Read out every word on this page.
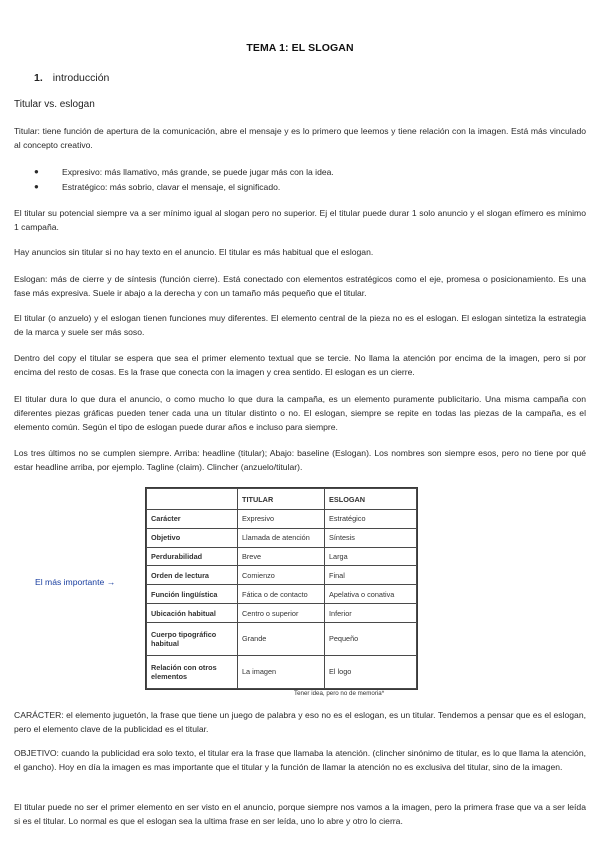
TEMA 1: EL SLOGAN
1. introducción
Titular vs. eslogan
Titular: tiene función de apertura de la comunicación, abre el mensaje y es lo primero que leemos y tiene relación con la imagen. Está más vinculado al concepto creativo.
●	Expresivo: más llamativo, más grande, se puede jugar más con la idea.
●	Estratégico: más sobrio, clavar el mensaje, el significado.
El titular su potencial siempre va a ser mínimo igual al slogan pero no superior. Ej el titular puede durar 1 solo anuncio y el slogan efímero es mínimo 1 campaña.
Hay anuncios sin titular si no hay texto en el anuncio. El titular es más habitual que el eslogan.
Eslogan: más de cierre y de síntesis (función cierre). Está conectado con elementos estratégicos como el eje, promesa o posicionamiento. Es una fase más expresiva. Suele ir abajo a la derecha y con un tamaño más pequeño que el titular.
El titular (o anzuelo) y el eslogan tienen funciones muy diferentes. El elemento central de la pieza no es el eslogan. El eslogan sintetiza la estrategia de la marca y suele ser más soso.
Dentro del copy el titular se espera que sea el primer elemento textual que se tercie. No llama la atención por encima de la imagen, pero si por encima del resto de cosas. Es la frase que conecta con la imagen y crea sentido. El eslogan es un cierre.
El titular dura lo que dura el anuncio, o como mucho lo que dura la campaña, es un elemento puramente publicitario. Una misma campaña con diferentes piezas gráficas pueden tener cada una un titular distinto o no. El eslogan, siempre se repite en todas las piezas de la campaña, es el elemento común. Según el tipo de eslogan puede durar años e incluso para siempre.
Los tres últimos no se cumplen siempre. Arriba: headline (titular); Abajo: baseline (Eslogan). Los nombres son siempre esos, pero no tiene por qué estar headline arriba, por ejemplo. Tagline (claim). Clincher (anzuelo/titular).
El más importante →
	TITULAR	ESLOGAN
Carácter	Expresivo	Estratégico
Objetivo	Llamada de atención	Síntesis
Perdurabilidad	Breve	Larga
Orden de lectura	Comienzo	Final
Función lingüística	Fática o de contacto	Apelativa o conativa
Ubicación habitual	Centro o superior	Inferior
Cuerpo tipográfico habitual	Grande	Pequeño
Relación con otros elementos	La imagen	El logo
Tener idea, pero no de memoria*
CARÁCTER: el elemento juguetón, la frase que tiene un juego de palabra y eso no es el eslogan, es un titular. Tendemos a pensar que es el eslogan, pero el elemento clave de la publicidad es el titular.
OBJETIVO: cuando la publicidad era solo texto, el titular era la frase que llamaba la atención. (clincher sinónimo de titular, es lo que llama la atención, el gancho). Hoy en día la imagen es mas importante que el titular y la función de llamar la atención no es exclusiva del titular, sino de la imagen.
El titular puede no ser el primer elemento en ser visto en el anuncio, porque siempre nos vamos a la imagen, pero la primera frase que va a ser leída si es el titular. Lo normal es que el eslogan sea la ultima frase en ser leída, uno lo abre y otro lo cierra.
